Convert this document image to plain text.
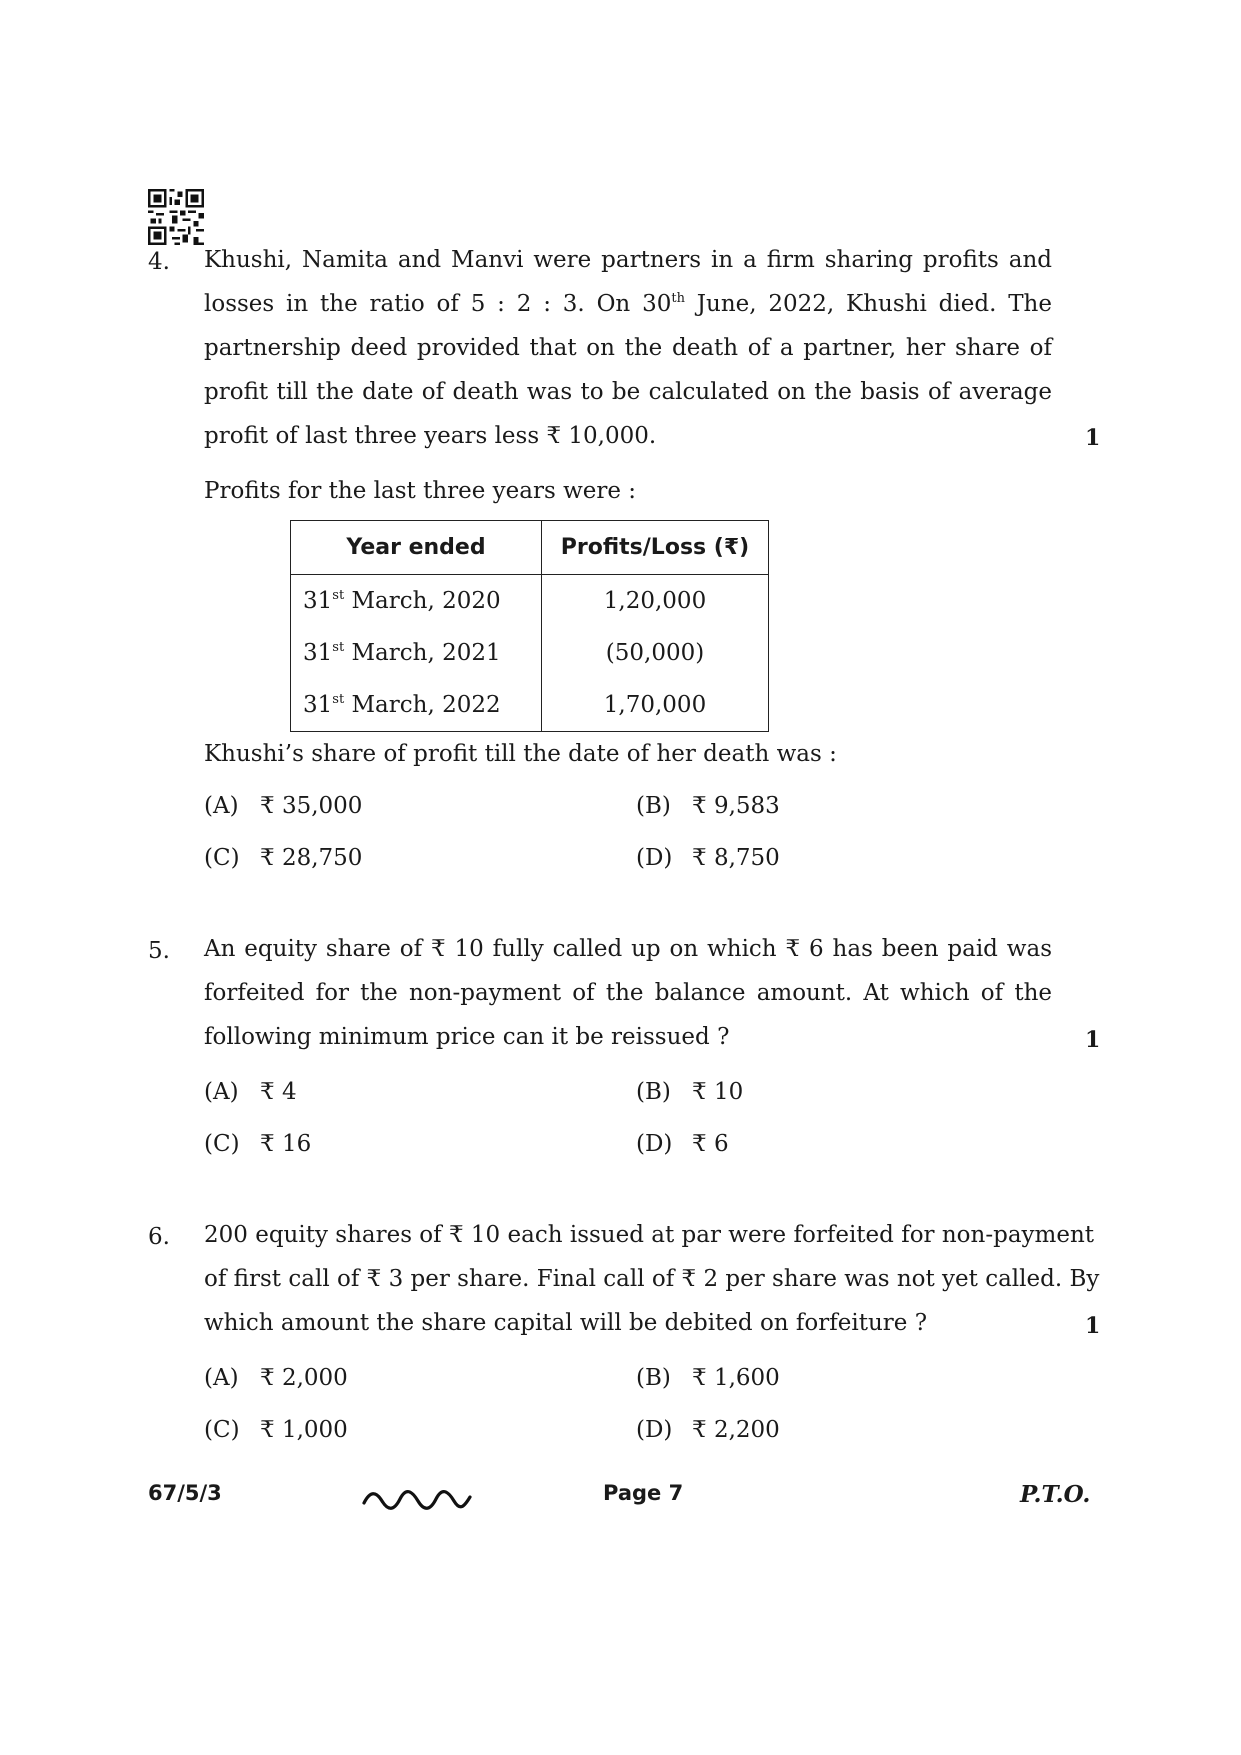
4. Khushi, Namita and Manvi were partners in a firm sharing profits and
losses in the ratio of 5 : 2 : 3. On 30th June, 2022, Khushi died. The
partnership deed provided that on the death of a partner, her share of
profit till the date of death was to be calculated on the basis of average
profit of last three years less ₹ 10,000.	1
Profits for the last three years were :
Year ended	Profits/Loss (₹)
31st March, 2020	1,20,000
31st March, 2021	(50,000)
31st March, 2022	1,70,000
Khushi’s share of profit till the date of her death was :
(A) ₹ 35,000	(B) ₹ 9,583
(C) ₹ 28,750	(D) ₹ 8,750
5. An equity share of ₹ 10 fully called up on which ₹ 6 has been paid was
forfeited for the non-payment of the balance amount. At which of the
following minimum price can it be reissued ?	1
(A) ₹ 4	(B) ₹ 10
(C) ₹ 16	(D) ₹ 6
6. 200 equity shares of ₹ 10 each issued at par were forfeited for non-payment
of first call of ₹ 3 per share. Final call of ₹ 2 per share was not yet called. By
which amount the share capital will be debited on forfeiture ?	1
(A) ₹ 2,000	(B) ₹ 1,600
(C) ₹ 1,000	(D) ₹ 2,200
67/5/3	Page 7	P.T.O.
